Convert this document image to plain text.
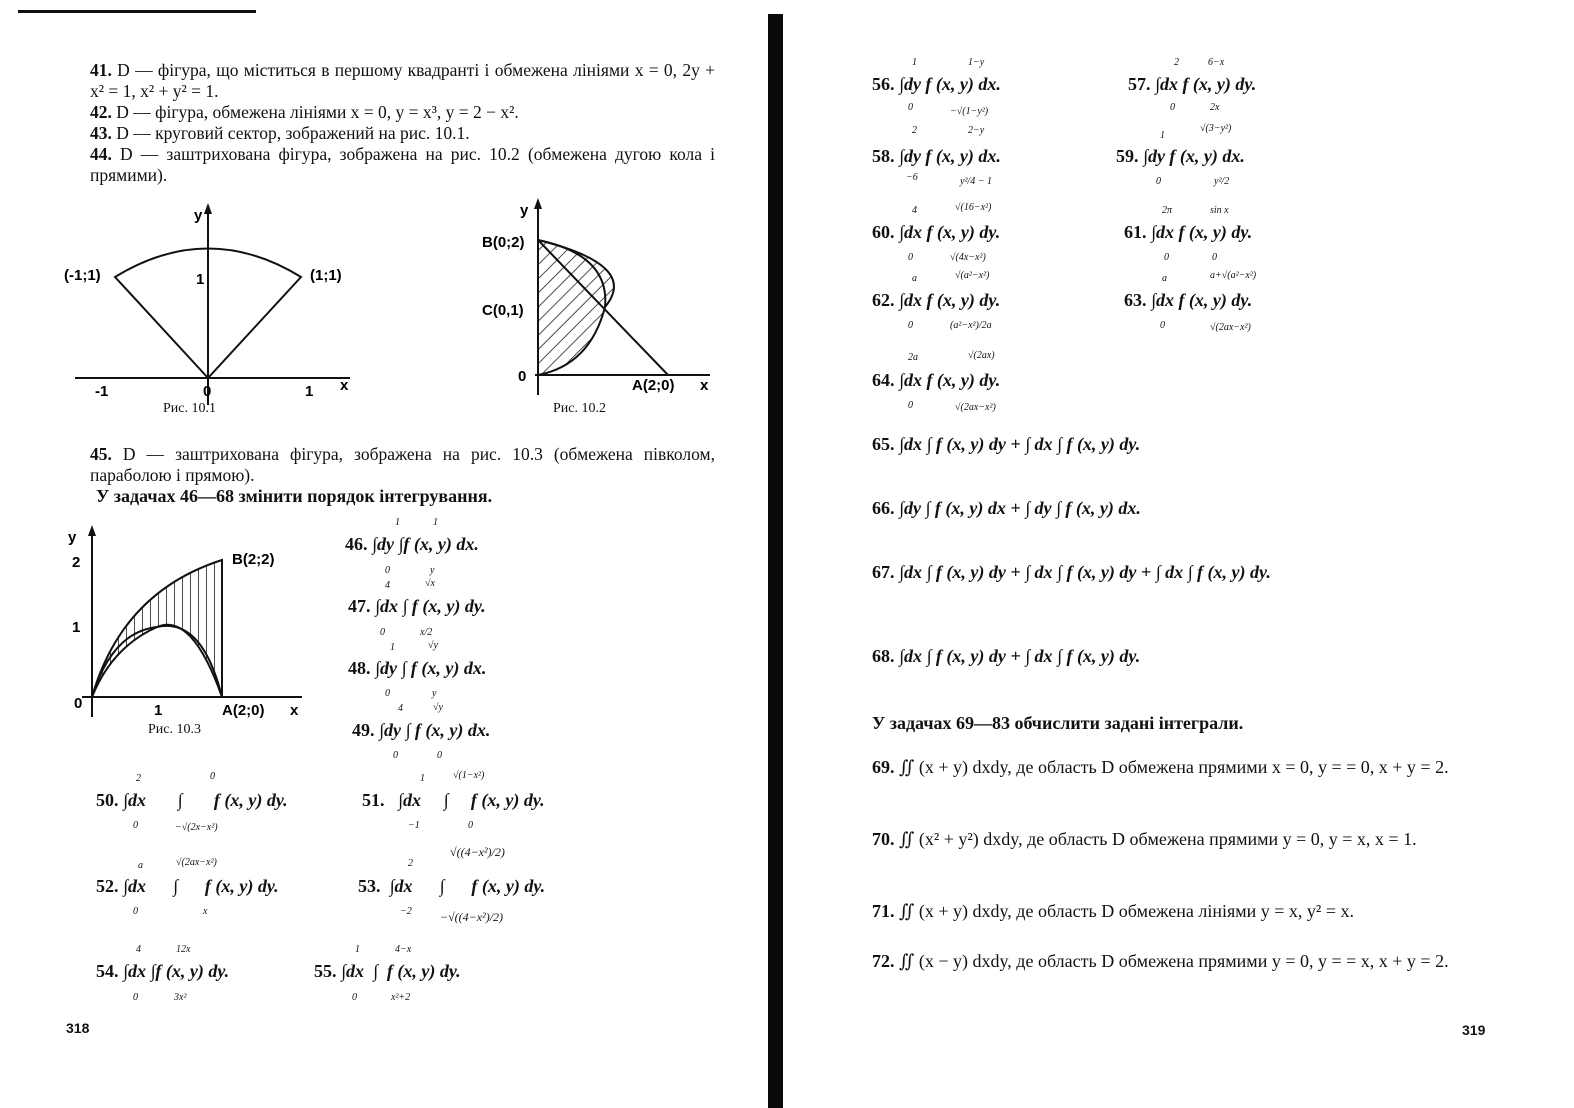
41. D — фігура, що міститься в першому квадранті і обмежена лініями x = 0, 2y + x² = 1, x² + y² = 1.
42. D — фігура, обмежена лініями x = 0, y = x³, y = 2 − x².
43. D — круговий сектор, зображений на рис. 10.1.
44. D — заштрихована фігура, зображена на рис. 10.2 (обмежена дугою кола і прямими).
y
x
(-1;1)	(1;1)
1
-1	0	1
Рис. 10.1
y
x
B(0;2)
C(0,1)
A(2;0)
0
Рис. 10.2
45. D — заштрихована фігура, зображена на рис. 10.3 (обмежена півколом, параболою і прямою).
У задачах 46—68 змінити порядок інтегрування.
y
x
B(2;2)
A(2;0)
2
1
0	1
Рис. 10.3
46. ∫dy ∫f (x, y) dx.
1
0
1
y
47. ∫dx ∫ f (x, y) dy.
4
0
√x
x/2
48. ∫dy ∫ f (x, y) dx.
1
0
√y
y
49. ∫dy ∫ f (x, y) dx.
4
0
√y
0
50. ∫dx       ∫       f (x, y) dy.
2
0
0
−√(2x−x²)
51.   ∫dx     ∫     f (x, y) dy.
1
−1
√(1−x²)
0
52. ∫dx      ∫      f (x, y) dy.
a
0
√(2ax−x²)
x
53.  ∫dx      ∫      f (x, y) dy.
2
−2
√((4−x²)/2)
−√((4−x²)/2)
54. ∫dx ∫f (x, y) dy.
4
0
12x
3x²
55. ∫dx  ∫  f (x, y) dy.
1
0
4−x
x²+2
318
56. ∫dy f (x, y) dx.
1
0
1−y
−√(1−y²)
57. ∫dx f (x, y) dy.
2
0
6−x
2x
58. ∫dy f (x, y) dx.
2
−6
2−y
y²/4 − 1
59. ∫dy f (x, y) dx.
1
0
√(3−y²)
y²/2
60. ∫dx f (x, y) dy.
4
0
√(16−x²)
√(4x−x²)
61. ∫dx f (x, y) dy.
2π
0
sin x
0
62. ∫dx f (x, y) dy.
a
0
√(a²−x²)
(a²−x²)/2a
63. ∫dx f (x, y) dy.
a
0
a+√(a²−x²)
√(2ax−x²)
64. ∫dx f (x, y) dy.
2a
0
√(2ax)
√(2ax−x²)
65. ∫dx ∫ f (x, y) dy + ∫ dx ∫ f (x, y) dy.
66. ∫dy ∫ f (x, y) dx + ∫ dy ∫ f (x, y) dx.
67. ∫dx ∫ f (x, y) dy + ∫ dx ∫ f (x, y) dy + ∫ dx ∫ f (x, y) dy.
68. ∫dx ∫ f (x, y) dy + ∫ dx ∫ f (x, y) dy.
У задачах 69—83 обчислити задані інтеграли.
69. ∬ (x + y) dxdy, де область D обмежена прямими x = 0, y = = 0, x + y = 2.
70. ∬ (x² + y²) dxdy, де область D обмежена прямими y = 0, y = x, x = 1.
71. ∬ (x + y) dxdy, де область D обмежена лініями y = x, y² = x.
72. ∬ (x − y) dxdy, де область D обмежена прямими y = 0, y = = x, x + y = 2.
319
